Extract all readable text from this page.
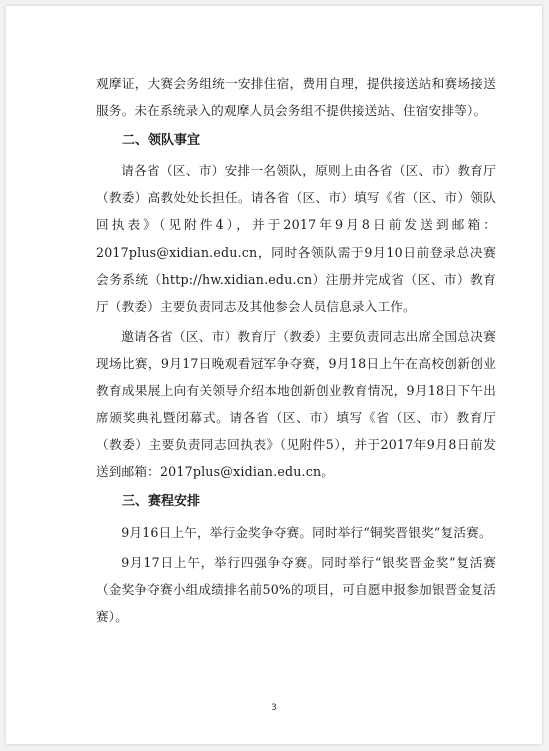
观摩证，大赛会务组统一安排住宿，费用自理，提供接送站和赛场接送服务。未在系统录入的观摩人员会务组不提供接送站、住宿安排等）。

二、领队事宜

请各省（区、市）安排一名领队，原则上由各省（区、市）教育厅（教委）高教处处长担任。请各省（区、市）填写《省（区、市）领队回执表》（见附件4），并于2017年9月8日前发送到邮箱：2017plus@xidian.edu.cn，同时各领队需于9月10日前登录总决赛会务系统（http://hw.xidian.edu.cn）注册并完成省（区、市）教育厅（教委）主要负责同志及其他参会人员信息录入工作。

邀请各省（区、市）教育厅（教委）主要负责同志出席全国总决赛现场比赛，9月17日晚观看冠军争夺赛，9月18日上午在高校创新创业教育成果展上向有关领导介绍本地创新创业教育情况，9月18日下午出席颁奖典礼暨闭幕式。请各省（区、市）填写《省（区、市）教育厅（教委）主要负责同志回执表》（见附件5），并于2017年9月8日前发送到邮箱：2017plus@xidian.edu.cn。

三、赛程安排

9月16日上午，举行金奖争夺赛。同时举行“铜奖晋银奖”复活赛。

9月17日上午，举行四强争夺赛。同时举行“银奖晋金奖”复活赛（金奖争夺赛小组成绩排名前50%的项目，可自愿申报参加银晋金复活赛）。

3
